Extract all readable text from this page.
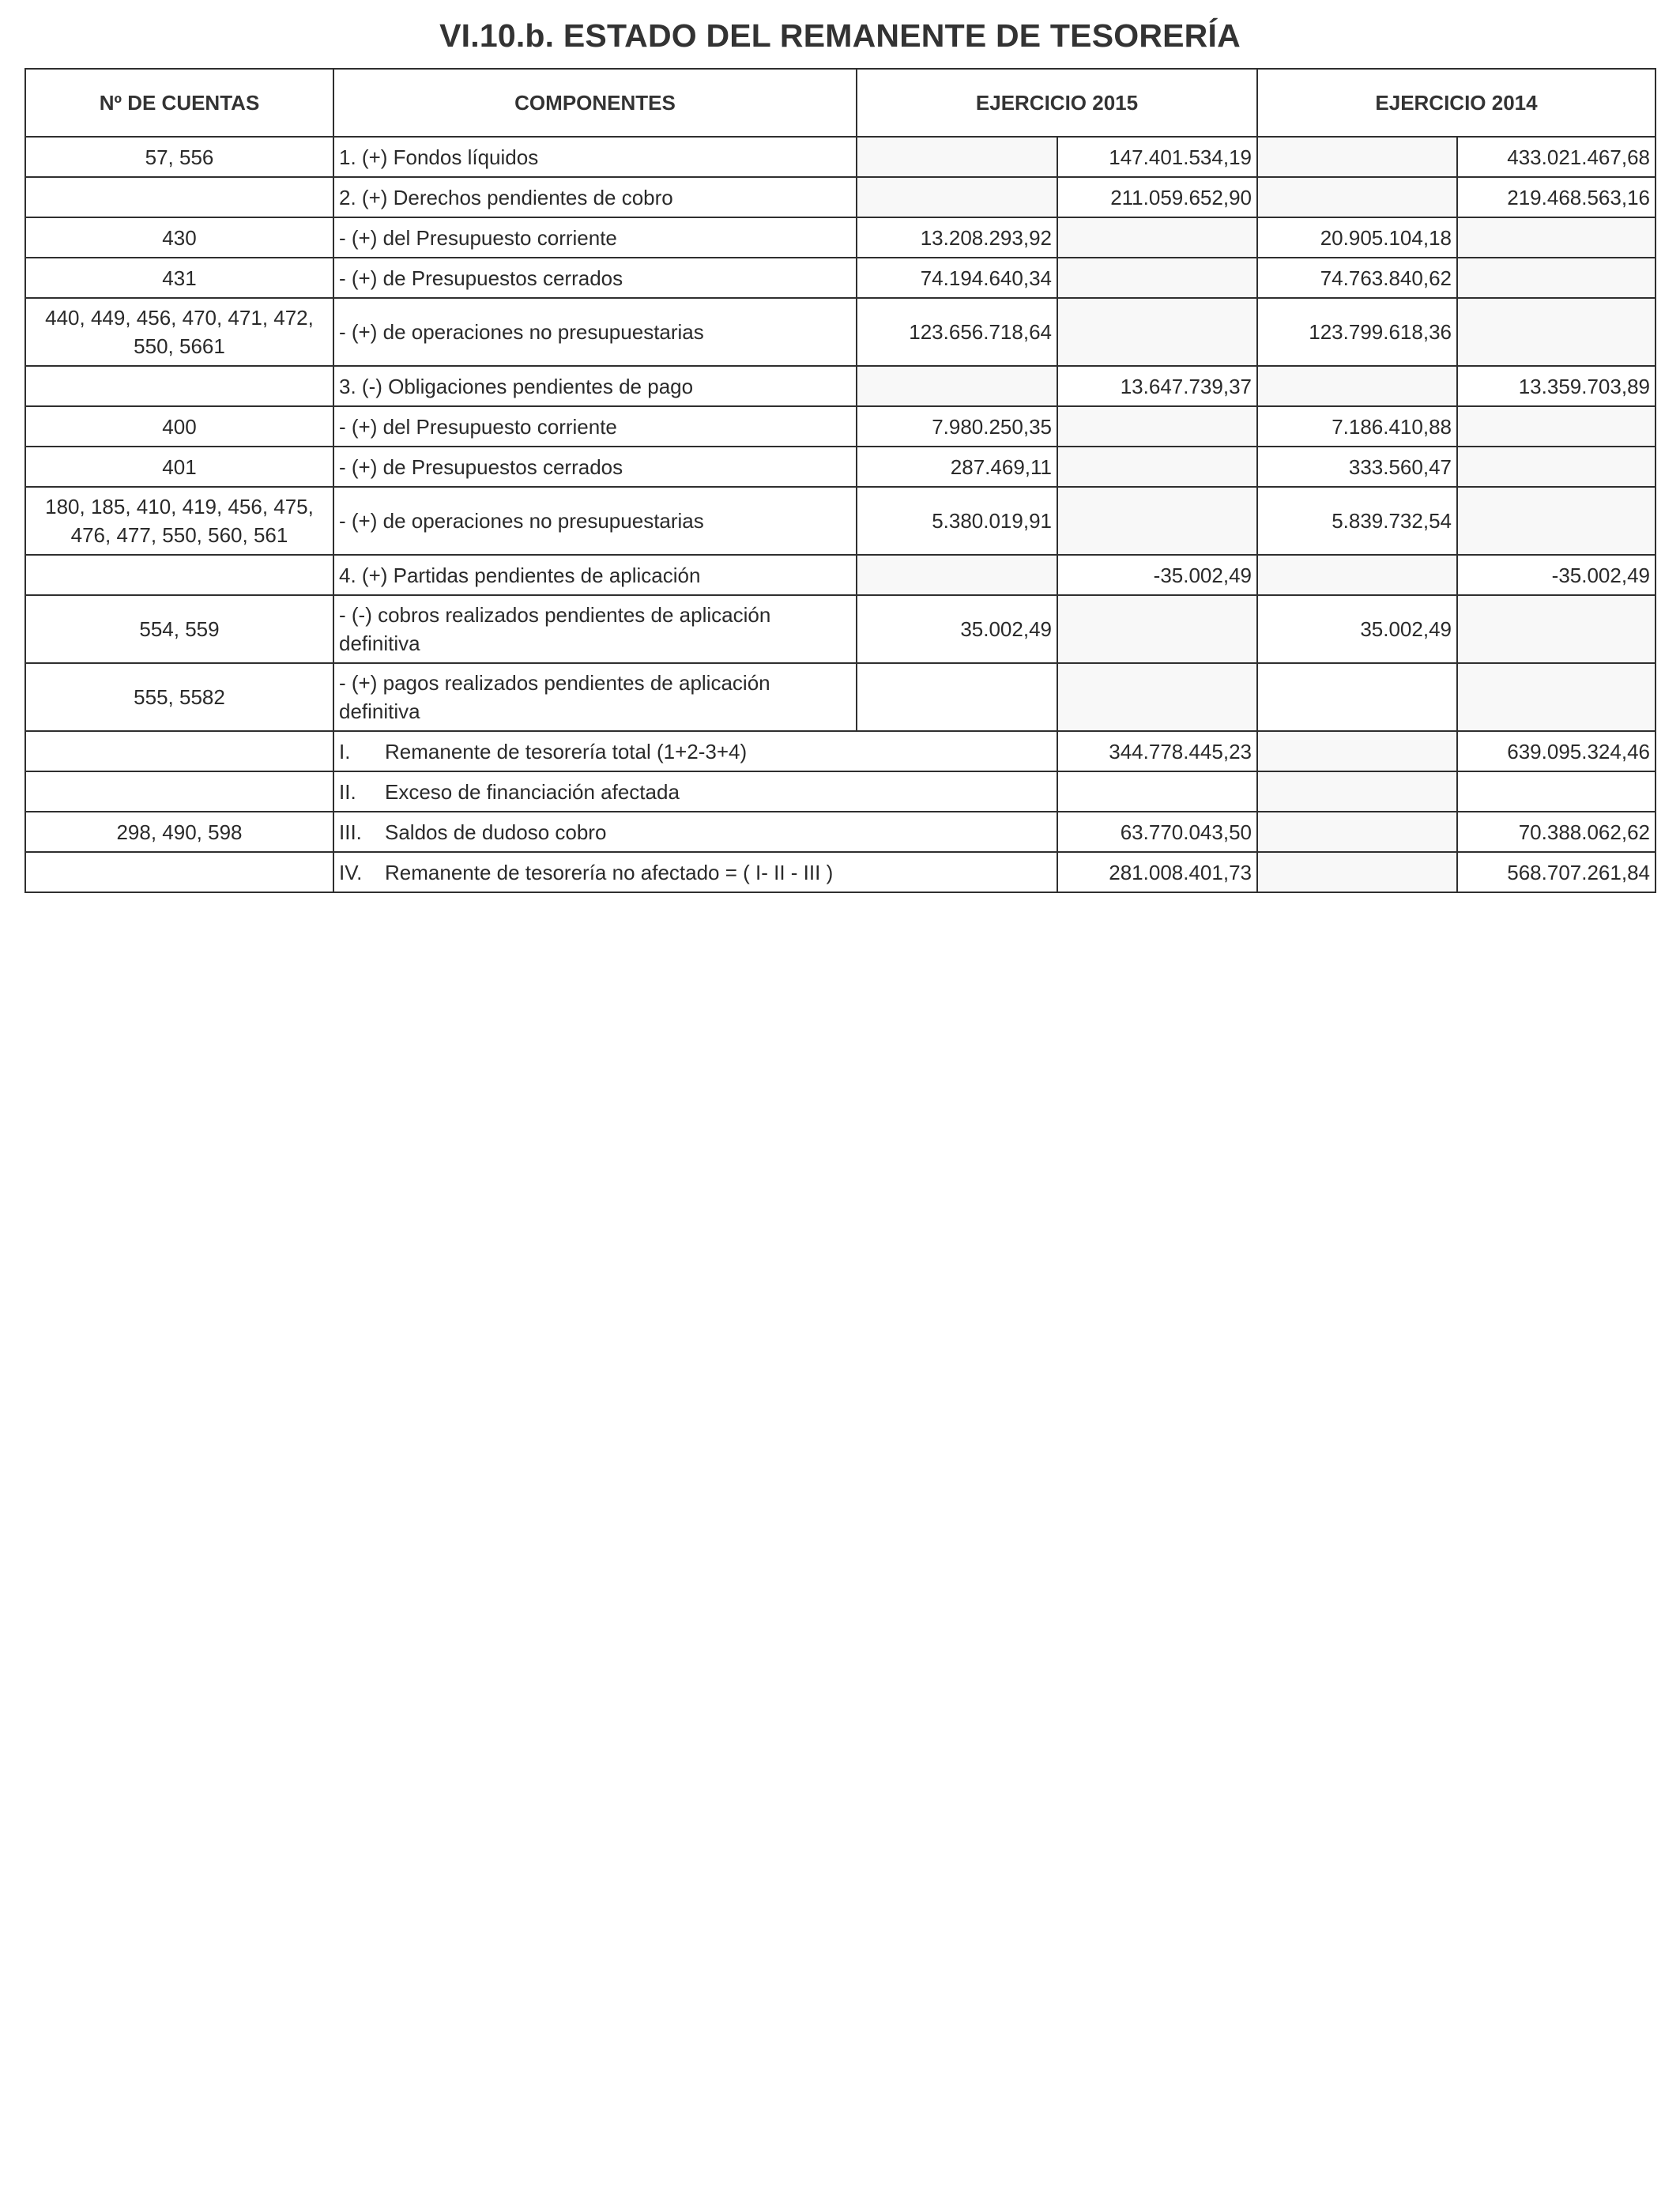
VI.10.b. ESTADO DEL REMANENTE DE TESORERÍA
Nº DE CUENTAS	COMPONENTES	EJERCICIO 2015		EJERCICIO 2014	
57, 556	1. (+) Fondos líquidos		147.401.534,19		433.021.467,68
	2. (+) Derechos pendientes de cobro		211.059.652,90		219.468.563,16
430	- (+) del Presupuesto corriente	13.208.293,92		20.905.104,18	
431	- (+) de Presupuestos cerrados	74.194.640,34		74.763.840,62	
440, 449, 456, 470, 471, 472, 550, 5661	- (+) de operaciones no presupuestarias	123.656.718,64		123.799.618,36	
	3. (-) Obligaciones pendientes de pago		13.647.739,37		13.359.703,89
400	- (+) del Presupuesto corriente	7.980.250,35		7.186.410,88	
401	- (+) de Presupuestos cerrados	287.469,11		333.560,47	
180, 185, 410, 419, 456, 475, 476, 477, 550, 560, 561	- (+) de operaciones no presupuestarias	5.380.019,91		5.839.732,54	
	4. (+) Partidas pendientes de aplicación		-35.002,49		-35.002,49
554, 559	- (-) cobros realizados pendientes de aplicación definitiva	35.002,49		35.002,49	
555, 5582	- (+) pagos realizados pendientes de aplicación definitiva				
	I. Remanente de tesorería total (1+2-3+4)		344.778.445,23		639.095.324,46
	II. Exceso de financiación afectada				
298, 490, 598	III. Saldos de dudoso cobro		63.770.043,50		70.388.062,62
	IV. Remanente de tesorería no afectado = ( I- II - III )		281.008.401,73		568.707.261,84
